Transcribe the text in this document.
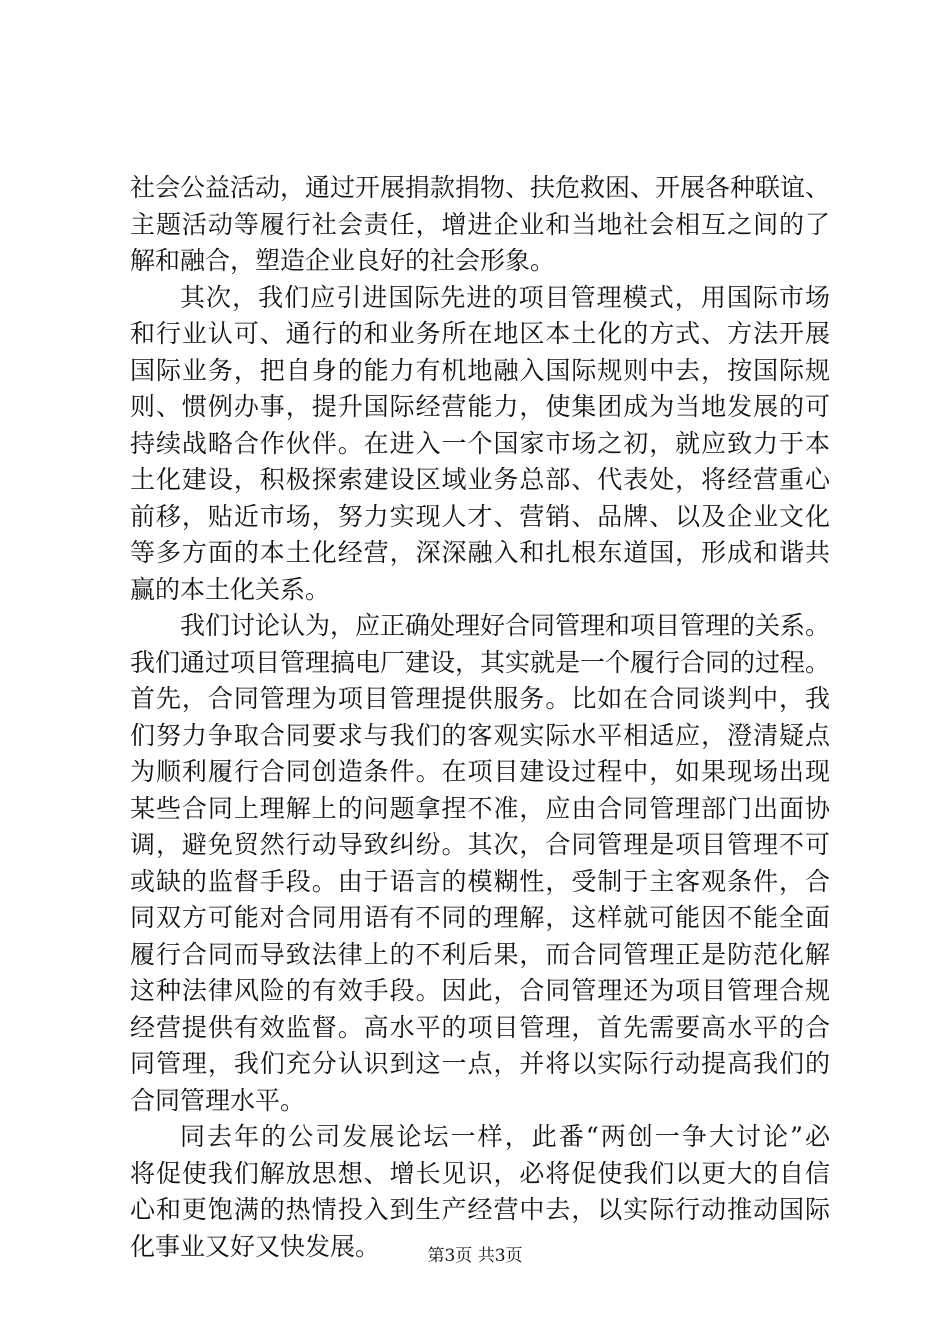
社会公益活动，通过开展捐款捐物、扶危救困、开展各种联谊、
主题活动等履行社会责任，增进企业和当地社会相互之间的了
解和融合，塑造企业良好的社会形象。
其次，我们应引进国际先进的项目管理模式，用国际市场
和行业认可、通行的和业务所在地区本土化的方式、方法开展
国际业务，把自身的能力有机地融入国际规则中去，按国际规
则、惯例办事，提升国际经营能力，使集团成为当地发展的可
持续战略合作伙伴。在进入一个国家市场之初，就应致力于本
土化建设，积极探索建设区域业务总部、代表处，将经营重心
前移，贴近市场，努力实现人才、营销、品牌、以及企业文化
等多方面的本土化经营，深深融入和扎根东道国，形成和谐共
赢的本土化关系。
我们讨论认为，应正确处理好合同管理和项目管理的关系。
我们通过项目管理搞电厂建设，其实就是一个履行合同的过程。
首先，合同管理为项目管理提供服务。比如在合同谈判中，我
们努力争取合同要求与我们的客观实际水平相适应，澄清疑点
为顺利履行合同创造条件。在项目建设过程中，如果现场出现
某些合同上理解上的问题拿捏不准，应由合同管理部门出面协
调，避免贸然行动导致纠纷。其次，合同管理是项目管理不可
或缺的监督手段。由于语言的模糊性，受制于主客观条件，合
同双方可能对合同用语有不同的理解，这样就可能因不能全面
履行合同而导致法律上的不利后果，而合同管理正是防范化解
这种法律风险的有效手段。因此，合同管理还为项目管理合规
经营提供有效监督。高水平的项目管理，首先需要高水平的合
同管理，我们充分认识到这一点，并将以实际行动提高我们的
合同管理水平。
同去年的公司发展论坛一样，此番“两创一争大讨论”必
将促使我们解放思想、增长见识，必将促使我们以更大的自信
心和更饱满的热情投入到生产经营中去，以实际行动推动国际
化事业又好又快发展。	第3页 共3页
